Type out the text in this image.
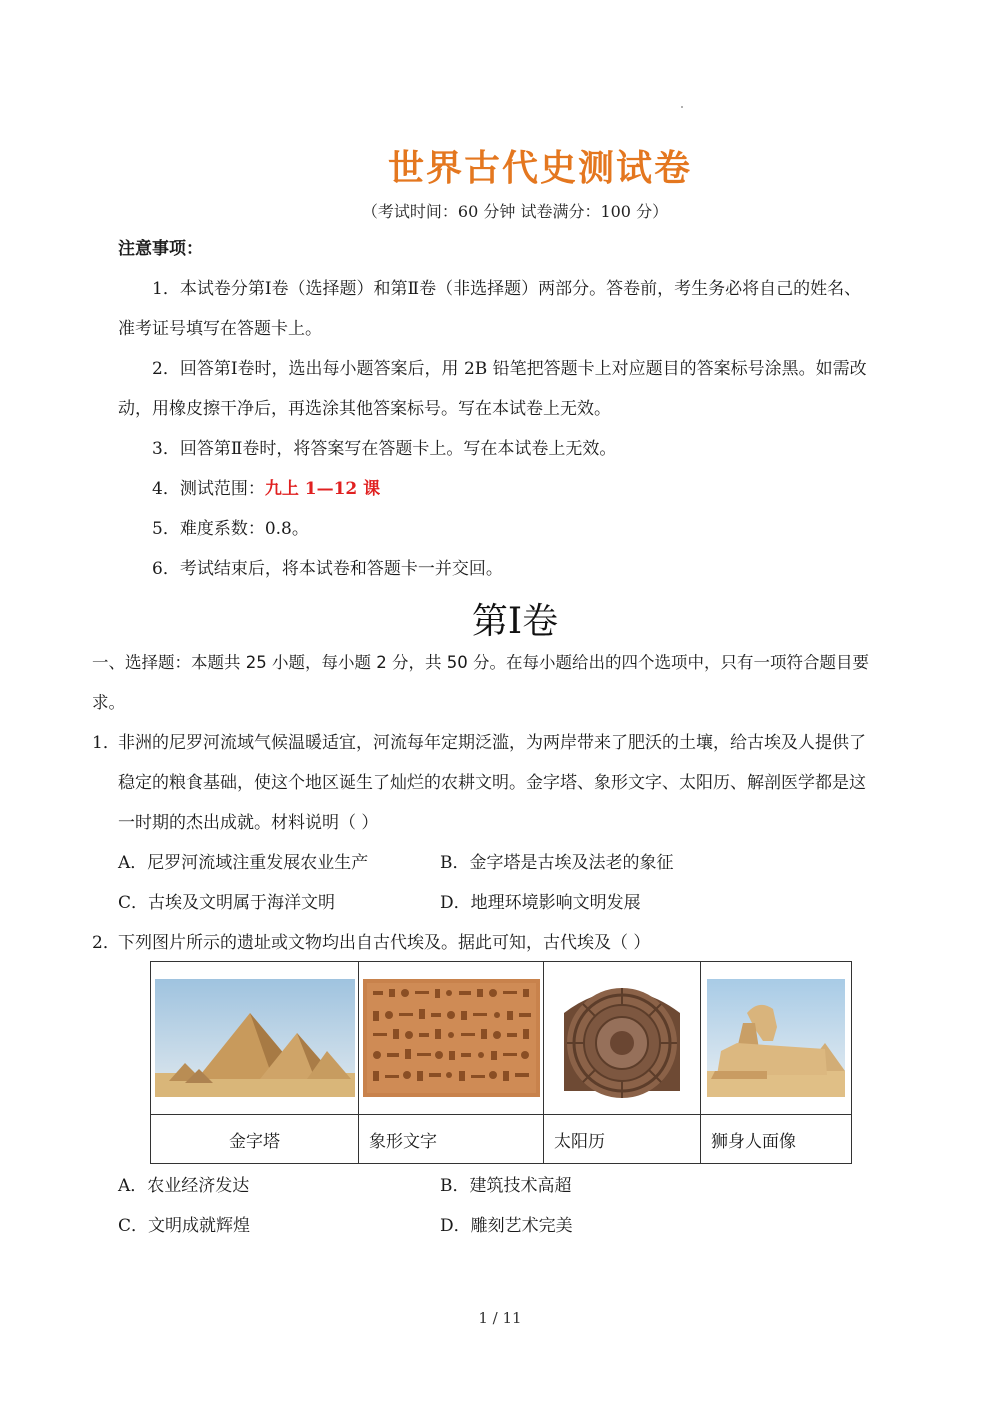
世界古代史测试卷
（考试时间：60 分钟 试卷满分：100 分）
注意事项：
1．本试卷分第Ⅰ卷（选择题）和第Ⅱ卷（非选择题）两部分。答卷前，考生务必将自己的姓名、
准考证号填写在答题卡上。
2．回答第Ⅰ卷时，选出每小题答案后，用 2B 铅笔把答题卡上对应题目的答案标号涂黑。如需改
动，用橡皮擦干净后，再选涂其他答案标号。写在本试卷上无效。
3．回答第Ⅱ卷时，将答案写在答题卡上。写在本试卷上无效。
4．测试范围：九上 1—12 课
5．难度系数：0.8。
6．考试结束后，将本试卷和答题卡一并交回。
第Ⅰ卷
一、选择题：本题共 25 小题，每小题 2 分，共 50 分。在每小题给出的四个选项中，只有一项符合题目要
求。
1．
非洲的尼罗河流域气候温暖适宜，河流每年定期泛滥，为两岸带来了肥沃的土壤，给古埃及人提供了
稳定的粮食基础，使这个地区诞生了灿烂的农耕文明。金字塔、象形文字、太阳历、解剖医学都是这
一时期的杰出成就。材料说明（ ）
A．尼罗河流域注重发展农业生产	B．金字塔是古埃及法老的象征
C．古埃及文明属于海洋文明	D．地理环境影响文明发展
2．
下列图片所示的遗址或文物均出自古代埃及。据此可知，古代埃及（ ）

金字塔	象形文字	太阳历	狮身人面像
A．农业经济发达	B．建筑技术高超
C．文明成就辉煌	D．雕刻艺术完美
1 / 11
